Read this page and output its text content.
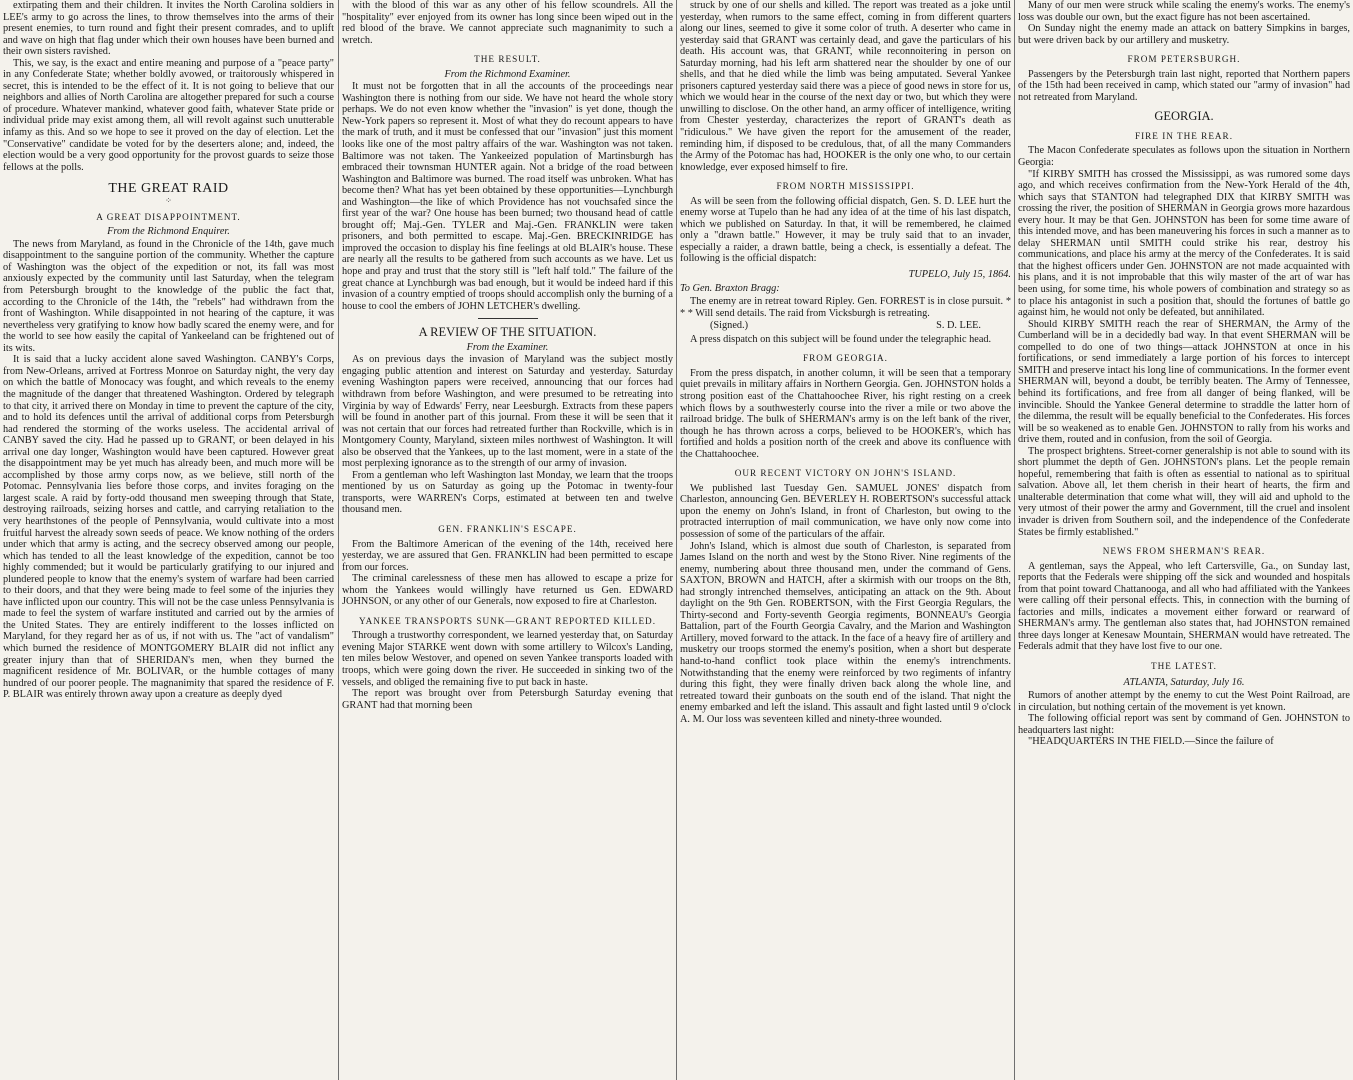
extirpating them and their children. It invites the North Carolina soldiers in LEE's army to go across the lines, to throw themselves into the arms of their present enemies, to turn round and fight their present comrades, and to uplift and wave on high that flag under which their own houses have been burned and their own sisters ravished.

This, we say, is the exact and entire meaning and purpose of a "peace party" in any Confederate State; whether boldly avowed, or traitorously whispered in secret, this is intended to be the effect of it. It is not going to believe that our neighbors and allies of North Carolina are altogether prepared for such a course of procedure. Whatever mankind, whatever good faith, whatever State pride or individual pride may exist among them, all will revolt against such unutterable infamy as this. And so we hope to see it proved on the day of election. Let the "Conservative" candidate be voted for by the deserters alone; and, indeed, the election would be a very good opportunity for the provost guards to seize those fellows at the polls.

THE GREAT RAID
⁘
A GREAT DISAPPOINTMENT.
From the Richmond Enquirer.

The news from Maryland, as found in the Chronicle of the 14th, gave much disappointment to the sanguine portion of the community. Whether the capture of Washington was the object of the expedition or not, its fall was most anxiously expected by the community until last Saturday, when the telegram from Petersburgh brought to the knowledge of the public the fact that, according to the Chronicle of the 14th, the "rebels" had withdrawn from the front of Washington. While disappointed in not hearing of the capture, it was nevertheless very gratifying to know how badly scared the enemy were, and for the world to see how easily the capital of Yankeeland can be frightened out of its wits.

It is said that a lucky accident alone saved Washington. CANBY's Corps, from New-Orleans, arrived at Fortress Monroe on Saturday night, the very day on which the battle of Monocacy was fought, and which reveals to the enemy the magnitude of the danger that threatened Washington. Ordered by telegraph to that city, it arrived there on Monday in time to prevent the capture of the city, and to hold its defences until the arrival of additional corps from Petersburgh had rendered the storming of the works useless. The accidental arrival of CANBY saved the city. Had he passed up to GRANT, or been delayed in his arrival one day longer, Washington would have been captured. However great the disappointment may be yet much has already been, and much more will be accomplished by those army corps now, as we believe, still north of the Potomac. Pennsylvania lies before those corps, and invites foraging on the largest scale. A raid by forty-odd thousand men sweeping through that State, destroying railroads, seizing horses and cattle, and carrying retaliation to the very hearthstones of the people of Pennsylvania, would cultivate into a most fruitful harvest the already sown seeds of peace. We know nothing of the orders under which that army is acting, and the secrecy observed among our people, which has tended to all the least knowledge of the expedition, cannot be too highly commended; but it would be particularly gratifying to our injured and plundered people to know that the enemy's system of warfare had been carried to their doors, and that they were being made to feel some of the injuries they have inflicted upon our country. This will not be the case unless Pennsylvania is made to feel the system of warfare instituted and carried out by the armies of the United States. They are entirely indifferent to the losses inflicted on Maryland, for they regard her as of us, if not with us. The "act of vandalism" which burned the residence of MONTGOMERY BLAIR did not inflict any greater injury than that of SHERIDAN's men, when they burned the magnificent residence of Mr. BOLIVAR, or the humble cottages of many hundred of our poorer people. The magnanimity that spared the residence of F. P. BLAIR was entirely thrown away upon a creature as deeply dyed

with the blood of this war as any other of his fellow scoundrels. All the "hospitality" ever enjoyed from its owner has long since been wiped out in the red blood of the brave. We cannot appreciate such magnanimity to such a wretch.

THE RESULT.
From the Richmond Examiner.

It must not be forgotten that in all the accounts of the proceedings near Washington there is nothing from our side. We have not heard the whole story perhaps. We do not even know whether the "invasion" is yet done, though the New-York papers so represent it. Most of what they do recount appears to have the mark of truth, and it must be confessed that our "invasion" just this moment looks like one of the most paltry affairs of the war. Washington was not taken. Baltimore was not taken. The Yankeeized population of Martinsburgh has embraced their townsman HUNTER again. Not a bridge of the road between Washington and Baltimore was burned. The road itself was unbroken. What has become then? What has yet been obtained by these opportunities—Lynchburgh and Washington—the like of which Providence has not vouchsafed since the first year of the war? One house has been burned; two thousand head of cattle brought off; Maj.-Gen. TYLER and Maj.-Gen. FRANKLIN were taken prisoners, and both permitted to escape. Maj.-Gen. BRECKINRIDGE has improved the occasion to display his fine feelings at old BLAIR's house. These are nearly all the results to be gathered from such accounts as we have. Let us hope and pray and trust that the story still is "left half told." The failure of the great chance at Lynchburgh was bad enough, but it would be indeed hard if this invasion of a country emptied of troops should accomplish only the burning of a house to cool the embers of JOHN LETCHER's dwelling.

A REVIEW OF THE SITUATION.
From the Examiner.

As on previous days the invasion of Maryland was the subject mostly engaging public attention and interest on Saturday and yesterday. Saturday evening Washington papers were received, announcing that our forces had withdrawn from before Washington, and were presumed to be retreating into Virginia by way of Edwards' Ferry, near Leesburgh. Extracts from these papers will be found in another part of this journal. From these it will be seen that it was not certain that our forces had retreated further than Rockville, which is in Montgomery County, Maryland, sixteen miles northwest of Washington. It will also be observed that the Yankees, up to the last moment, were in a state of the most perplexing ignorance as to the strength of our army of invasion.

From a gentleman who left Washington last Monday, we learn that the troops mentioned by us on Saturday as going up the Potomac in twenty-four transports, were WARREN's Corps, estimated at between ten and twelve thousand men.

GEN. FRANKLIN'S ESCAPE.

From the Baltimore American of the evening of the 14th, received here yesterday, we are assured that Gen. FRANKLIN had been permitted to escape from our forces.

The criminal carelessness of these men has allowed to escape a prize for whom the Yankees would willingly have returned us Gen. EDWARD JOHNSON, or any other of our Generals, now exposed to fire at Charleston.

YANKEE TRANSPORTS SUNK—GRANT REPORTED KILLED.

Through a trustworthy correspondent, we learned yesterday that, on Saturday evening Major STARKE went down with some artillery to Wilcox's Landing, ten miles below Westover, and opened on seven Yankee transports loaded with troops, which were going down the river. He succeeded in sinking two of the vessels, and obliged the remaining five to put back in haste.

The report was brought over from Petersburgh Saturday evening that GRANT had that morning been

struck by one of our shells and killed. The report was treated as a joke until yesterday, when rumors to the same effect, coming in from different quarters along our lines, seemed to give it some color of truth. A deserter who came in yesterday said that GRANT was certainly dead, and gave the particulars of his death. His account was, that GRANT, while reconnoitering in person on Saturday morning, had his left arm shattered near the shoulder by one of our shells, and that he died while the limb was being amputated. Several Yankee prisoners captured yesterday said there was a piece of good news in store for us, which we would hear in the course of the next day or two, but which they were unwilling to disclose. On the other hand, an army officer of intelligence, writing from Chester yesterday, characterizes the report of GRANT's death as "ridiculous." We have given the report for the amusement of the reader, reminding him, if disposed to be credulous, that, of all the many Commanders the Army of the Potomac has had, HOOKER is the only one who, to our certain knowledge, ever exposed himself to fire.

FROM NORTH MISSISSIPPI.

As will be seen from the following official dispatch, Gen. S. D. LEE hurt the enemy worse at Tupelo than he had any idea of at the time of his last dispatch, which we published on Saturday. In that, it will be remembered, he claimed only a "drawn battle." However, it may be truly said that to an invader, especially a raider, a drawn battle, being a check, is essentially a defeat. The following is the official dispatch:

TUPELO, July 15, 1864.
To Gen. Braxton Bragg:

The enemy are in retreat toward Ripley. Gen. FORREST is in close pursuit. * * * Will send details. The raid from Vicksburgh is retreating.

(Signed.)	S. D. LEE.

A press dispatch on this subject will be found under the telegraphic head.

FROM GEORGIA.

From the press dispatch, in another column, it will be seen that a temporary quiet prevails in military affairs in Northern Georgia. Gen. JOHNSTON holds a strong position east of the Chattahoochee River, his right resting on a creek which flows by a southwesterly course into the river a mile or two above the railroad bridge. The bulk of SHERMAN's army is on the left bank of the river, though he has thrown across a corps, believed to be HOOKER's, which has fortified and holds a position north of the creek and above its confluence with the Chattahoochee.

OUR RECENT VICTORY ON JOHN'S ISLAND.

We published last Tuesday Gen. SAMUEL JONES' dispatch from Charleston, announcing Gen. BEVERLEY H. ROBERTSON's successful attack upon the enemy on John's Island, in front of Charleston, but owing to the protracted interruption of mail communication, we have only now come into possession of some of the particulars of the affair.

John's Island, which is almost due south of Charleston, is separated from James Island on the north and west by the Stono River. Nine regiments of the enemy, numbering about three thousand men, under the command of Gens. SAXTON, BROWN and HATCH, after a skirmish with our troops on the 8th, had strongly intrenched themselves, anticipating an attack on the 9th. About daylight on the 9th Gen. ROBERTSON, with the First Georgia Regulars, the Thirty-second and Forty-seventh Georgia regiments, BONNEAU's Georgia Battalion, part of the Fourth Georgia Cavalry, and the Marion and Washington Artillery, moved forward to the attack. In the face of a heavy fire of artillery and musketry our troops stormed the enemy's position, when a short but desperate hand-to-hand conflict took place within the enemy's intrenchments. Notwithstanding that the enemy were reinforced by two regiments of infantry during this fight, they were finally driven back along the whole line, and retreated toward their gunboats on the south end of the island. That night the enemy embarked and left the island. This assault and fight lasted until 9 o'clock A. M. Our loss was seventeen killed and ninety-three wounded.

Many of our men were struck while scaling the enemy's works. The enemy's loss was double our own, but the exact figure has not been ascertained.

On Sunday night the enemy made an attack on battery Simpkins in barges, but were driven back by our artillery and musketry.

FROM PETERSBURGH.

Passengers by the Petersburgh train last night, reported that Northern papers of the 15th had been received in camp, which stated our "army of invasion" had not retreated from Maryland.

GEORGIA.
FIRE IN THE REAR.

The Macon Confederate speculates as follows upon the situation in Northern Georgia:

"If KIRBY SMITH has crossed the Mississippi, as was rumored some days ago, and which receives confirmation from the New-York Herald of the 4th, which says that STANTON had telegraphed DIX that KIRBY SMITH was crossing the river, the position of SHERMAN in Georgia grows more hazardous every hour. It may be that Gen. JOHNSTON has been for some time aware of this intended move, and has been maneuvering his forces in such a manner as to delay SHERMAN until SMITH could strike his rear, destroy his communications, and place his army at the mercy of the Confederates. It is said that the highest officers under Gen. JOHNSTON are not made acquainted with his plans, and it is not improbable that this wily master of the art of war has been using, for some time, his whole powers of combination and strategy so as to place his antagonist in such a position that, should the fortunes of battle go against him, he would not only be defeated, but annihilated.

Should KIRBY SMITH reach the rear of SHERMAN, the Army of the Cumberland will be in a decidedly bad way. In that event SHERMAN will be compelled to do one of two things—attack JOHNSTON at once in his fortifications, or send immediately a large portion of his forces to intercept SMITH and preserve intact his long line of communications. In the former event SHERMAN will, beyond a doubt, be terribly beaten. The Army of Tennessee, behind its fortifications, and free from all danger of being flanked, will be invincible. Should the Yankee General determine to straddle the latter horn of the dilemma, the result will be equally beneficial to the Confederates. His forces will be so weakened as to enable Gen. JOHNSTON to rally from his works and drive them, routed and in confusion, from the soil of Georgia.

The prospect brightens. Street-corner generalship is not able to sound with its short plummet the depth of Gen. JOHNSTON's plans. Let the people remain hopeful, remembering that faith is often as essential to national as to spiritual salvation. Above all, let them cherish in their heart of hearts, the firm and unalterable determination that come what will, they will aid and uphold to the very utmost of their power the army and Government, till the cruel and insolent invader is driven from Southern soil, and the independence of the Confederate States be firmly established."

NEWS FROM SHERMAN'S REAR.

A gentleman, says the Appeal, who left Cartersville, Ga., on Sunday last, reports that the Federals were shipping off the sick and wounded and hospitals from that point toward Chattanooga, and all who had affiliated with the Yankees were calling off their personal effects. This, in connection with the burning of factories and mills, indicates a movement either forward or rearward of SHERMAN's army. The gentleman also states that, had JOHNSTON remained three days longer at Kenesaw Mountain, SHERMAN would have retreated. The Federals admit that they have lost five to our one.

THE LATEST.
ATLANTA, Saturday, July 16.

Rumors of another attempt by the enemy to cut the West Point Railroad, are in circulation, but nothing certain of the movement is yet known.

The following official report was sent by command of Gen. JOHNSTON to headquarters last night:

"HEADQUARTERS IN THE FIELD.—Since the failure of
